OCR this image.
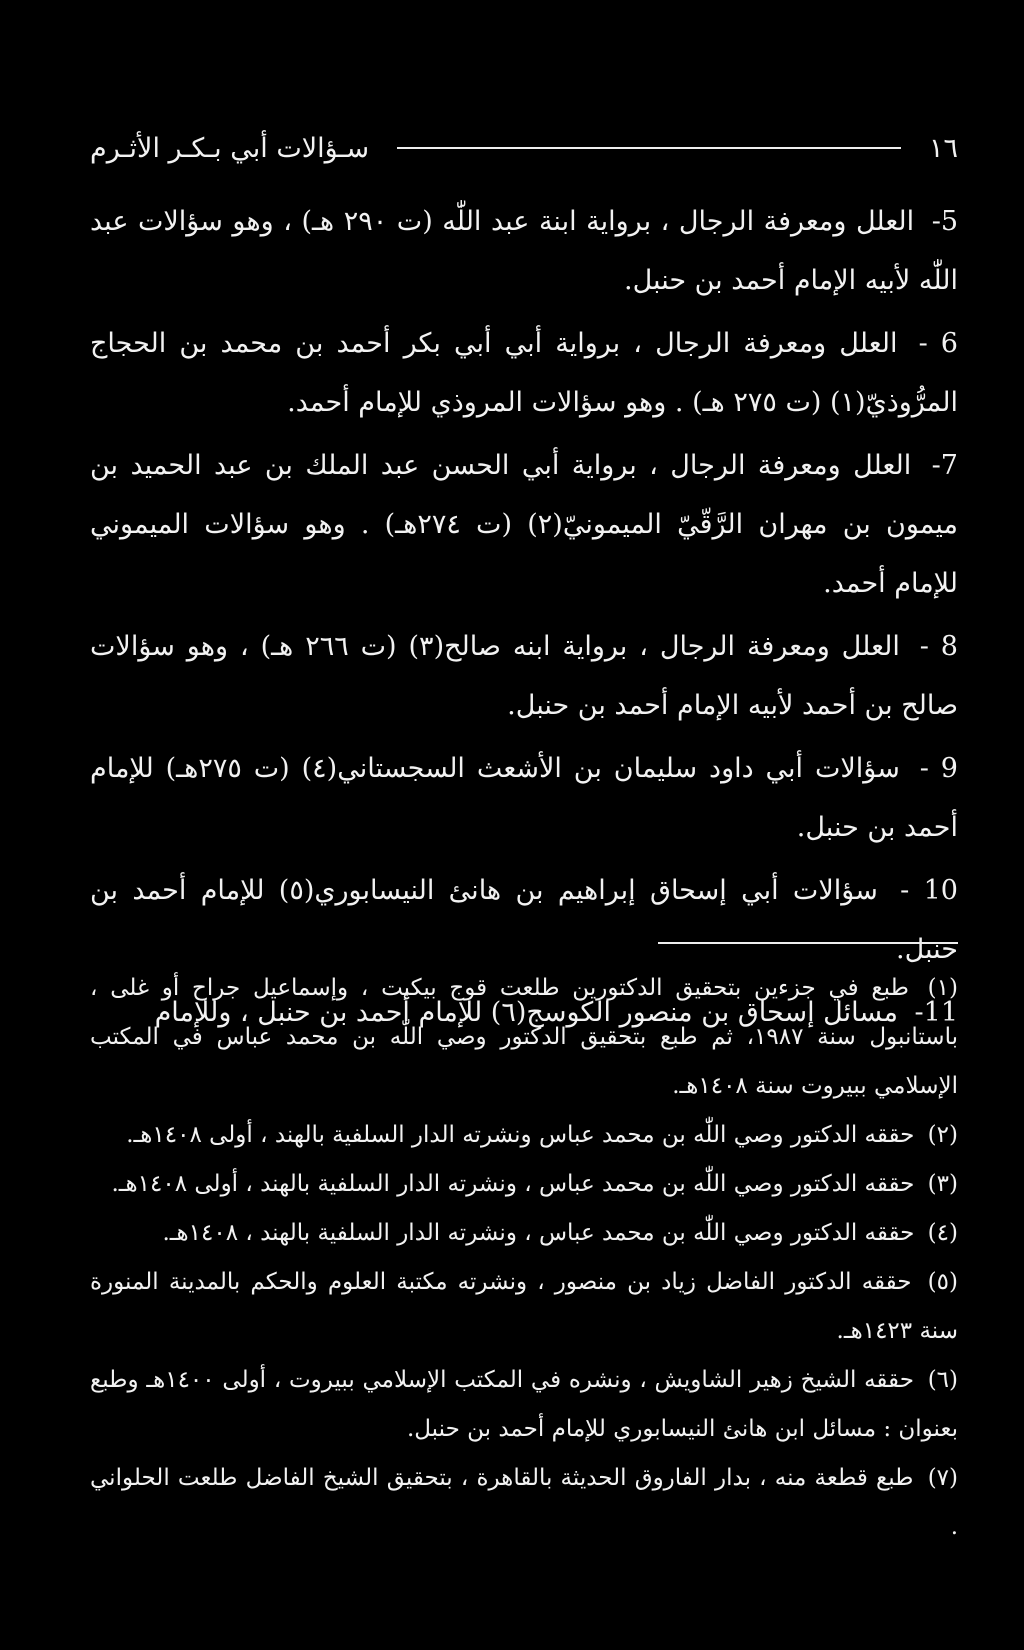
١٦
سـؤالات أبي بـكـر الأثـرم

5- العلل ومعرفة الرجال ، برواية ابنة عبد اللّٰه (ت ٢٩٠ هـ) ، وهو سؤالات عبد اللّٰه لأبيه الإمام أحمد بن حنبل.

6 - العلل ومعرفة الرجال ، برواية أبي أبي بكر أحمد بن محمد بن الحجاج المرُّوذيّ(١) (ت ٢٧٥ هـ) . وهو سؤالات المروذي للإمام أحمد.

7- العلل ومعرفة الرجال ، برواية أبي الحسن عبد الملك بن عبد الحميد بن ميمون بن مهران الرَّقّيّ الميمونيّ(٢) (ت ٢٧٤هـ) . وهو سؤالات الميموني للإمام أحمد.

8 - العلل ومعرفة الرجال ، برواية ابنه صالح(٣) (ت ٢٦٦ هـ) ، وهو سؤالات صالح بن أحمد لأبيه الإمام أحمد بن حنبل.

9 - سؤالات أبي داود سليمان بن الأشعث السجستاني(٤) (ت ٢٧٥هـ) للإمام أحمد بن حنبل.

10 - سؤالات أبي إسحاق إبراهيم بن هانئ النيسابوري(٥) للإمام أحمد بن حنبل.

11- مسائل إسحاق بن منصور الكوسج(٦) للإمام أحمد بن حنبل ، وللإمام

(١) طبع في جزءين بتحقيق الدكتورين طلعت قوج بيكيت ، وإسماعيل جراح أو غلى ، باستانبول سنة ١٩٨٧، ثم طبع بتحقيق الدكتور وصي اللّٰه بن محمد عباس في المكتب الإسلامي ببيروت سنة ١٤٠٨هـ.

(٢) حققه الدكتور وصي اللّٰه بن محمد عباس ونشرته الدار السلفية بالهند ، أولى ١٤٠٨هـ.

(٣) حققه الدكتور وصي اللّٰه بن محمد عباس ، ونشرته الدار السلفية بالهند ، أولى ١٤٠٨هـ.

(٤) حققه الدكتور وصي اللّٰه بن محمد عباس ، ونشرته الدار السلفية بالهند ، ١٤٠٨هـ.

(٥) حققه الدكتور الفاضل زياد بن منصور ، ونشرته مكتبة العلوم والحكم بالمدينة المنورة سنة ١٤٢٣هـ.

(٦) حققه الشيخ زهير الشاويش ، ونشره في المكتب الإسلامي ببيروت ، أولى ١٤٠٠هـ وطبع بعنوان : مسائل ابن هانئ النيسابوري للإمام أحمد بن حنبل.

(٧) طبع قطعة منه ، بدار الفاروق الحديثة بالقاهرة ، بتحقيق الشيخ الفاضل طلعت الحلواني .
